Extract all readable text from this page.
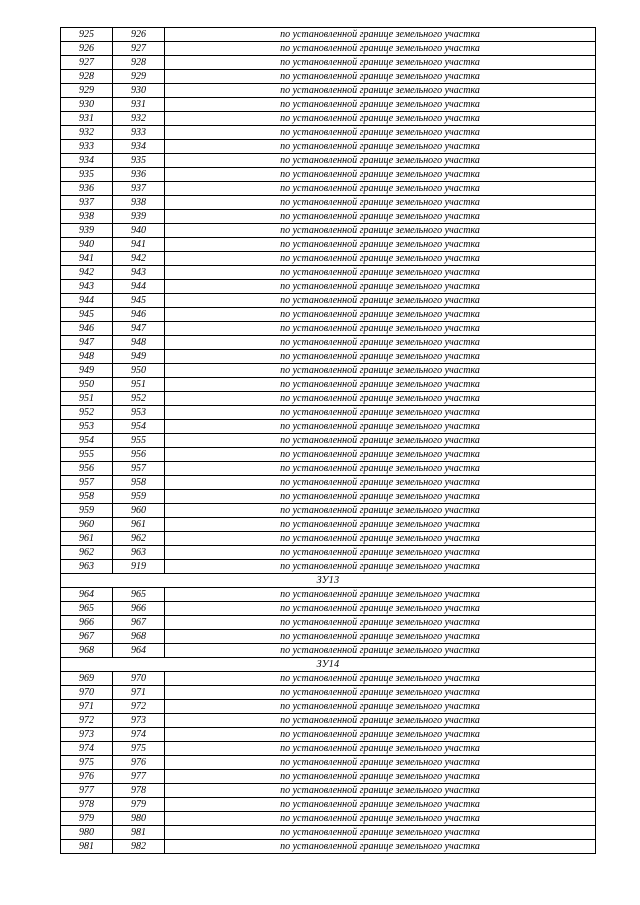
925	926	по установленной границе земельного участка
926	927	по установленной границе земельного участка
927	928	по установленной границе земельного участка
928	929	по установленной границе земельного участка
929	930	по установленной границе земельного участка
930	931	по установленной границе земельного участка
931	932	по установленной границе земельного участка
932	933	по установленной границе земельного участка
933	934	по установленной границе земельного участка
934	935	по установленной границе земельного участка
935	936	по установленной границе земельного участка
936	937	по установленной границе земельного участка
937	938	по установленной границе земельного участка
938	939	по установленной границе земельного участка
939	940	по установленной границе земельного участка
940	941	по установленной границе земельного участка
941	942	по установленной границе земельного участка
942	943	по установленной границе земельного участка
943	944	по установленной границе земельного участка
944	945	по установленной границе земельного участка
945	946	по установленной границе земельного участка
946	947	по установленной границе земельного участка
947	948	по установленной границе земельного участка
948	949	по установленной границе земельного участка
949	950	по установленной границе земельного участка
950	951	по установленной границе земельного участка
951	952	по установленной границе земельного участка
952	953	по установленной границе земельного участка
953	954	по установленной границе земельного участка
954	955	по установленной границе земельного участка
955	956	по установленной границе земельного участка
956	957	по установленной границе земельного участка
957	958	по установленной границе земельного участка
958	959	по установленной границе земельного участка
959	960	по установленной границе земельного участка
960	961	по установленной границе земельного участка
961	962	по установленной границе земельного участка
962	963	по установленной границе земельного участка
963	919	по установленной границе земельного участка
ЗУ13		
964	965	по установленной границе земельного участка
965	966	по установленной границе земельного участка
966	967	по установленной границе земельного участка
967	968	по установленной границе земельного участка
968	964	по установленной границе земельного участка
ЗУ14		
969	970	по установленной границе земельного участка
970	971	по установленной границе земельного участка
971	972	по установленной границе земельного участка
972	973	по установленной границе земельного участка
973	974	по установленной границе земельного участка
974	975	по установленной границе земельного участка
975	976	по установленной границе земельного участка
976	977	по установленной границе земельного участка
977	978	по установленной границе земельного участка
978	979	по установленной границе земельного участка
979	980	по установленной границе земельного участка
980	981	по установленной границе земельного участка
981	982	по установленной границе земельного участка
